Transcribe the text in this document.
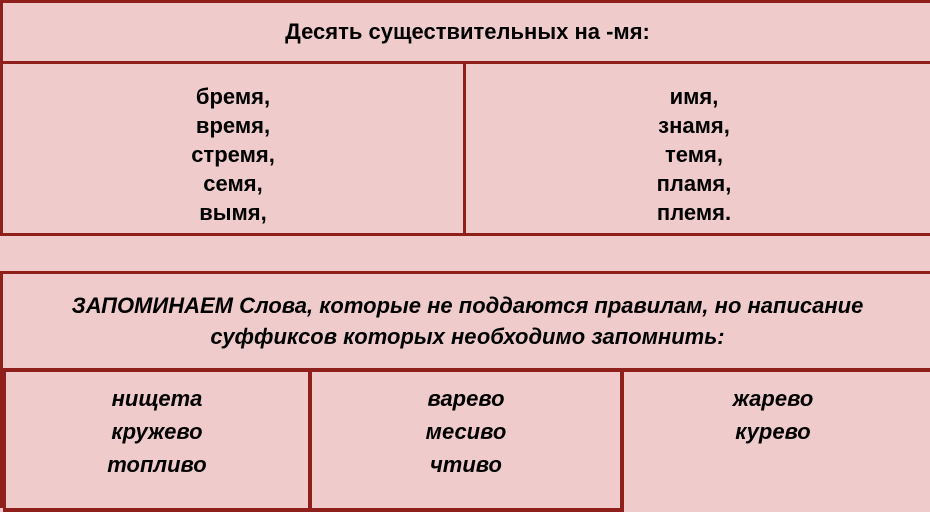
Десять существительных на -мя:
бремя,
время,
стремя,
семя,
вымя,
имя,
знамя,
темя,
пламя,
племя.
ЗАПОМИНАЕМ Слова, которые не поддаются правилам, но написание
суффиксов которых необходимо запомнить:
нищета
кружево
топливо
варево
месиво
чтиво
жарево
курево
